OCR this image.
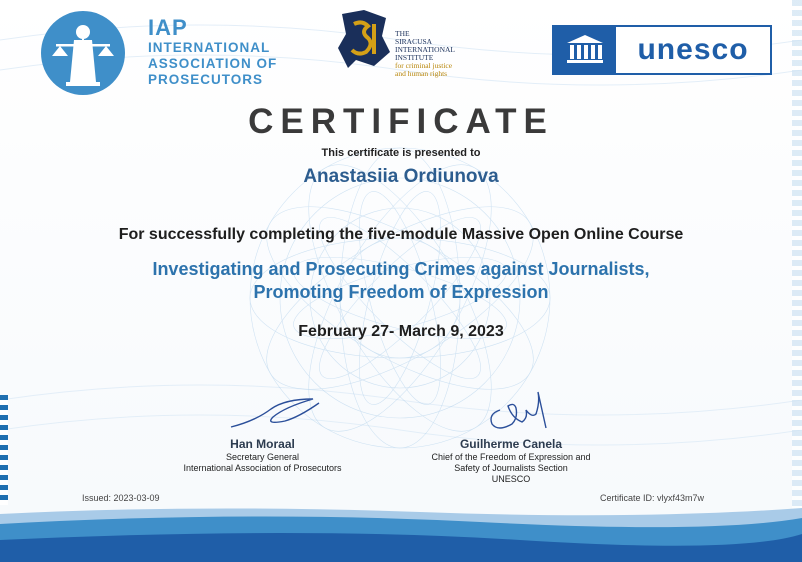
IAP
INTERNATIONAL
ASSOCIATION OF
PROSECUTORS
THE
SIRACUSA
INTERNATIONAL
INSTITUTE
for criminal justice
and human rights
unesco
CERTIFICATE
This certificate is presented to
Anastasiia Ordiunova
For successfully completing the five-module Massive Open Online Course
Investigating and Prosecuting Crimes against Journalists,
Promoting Freedom of Expression
February 27- March 9, 2023
Han Moraal
Secretary General
International Association of Prosecutors
Guilherme Canela
Chief of the Freedom of Expression and
Safety of Journalists Section
UNESCO
Issued: 2023-03-09	Certificate ID: vlyxf43m7w
